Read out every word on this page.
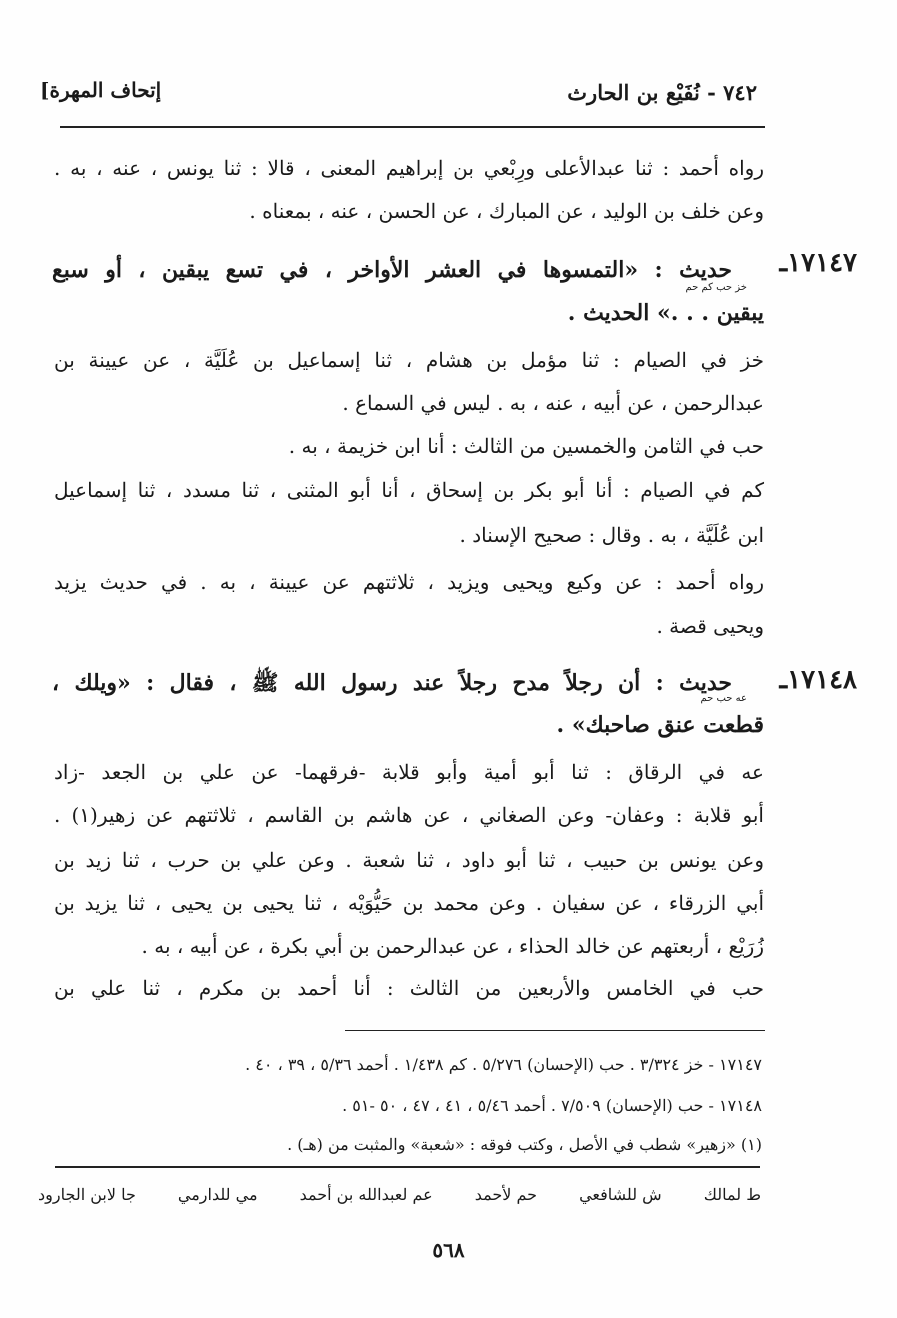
[إتحاف المهرة	٧٤٢ - نُفَيْع بن الحارث
رواه أحمد : ثنا عبدالأعلى ورِبْعي بن إبراهيم المعنى ، قالا : ثنا يونس ، عنه ، به .
وعن خلف بن الوليد ، عن المبارك ، عن الحسن ، عنه ، بمعناه .
١٧١٤٧ـ
خز حب كم حم
حديث : «التمسوها في العشر الأواخر ، في تسع يبقين ، أو سبع
يبقين . . .» الحديث .
خز في الصيام : ثنا مؤمل بن هشام ، ثنا إسماعيل بن عُلَيَّة ، عن عيينة بن
عبدالرحمن ، عن أبيه ، عنه ، به . ليس في السماع .
حب في الثامن والخمسين من الثالث : أنا ابن خزيمة ، به .
كم في الصيام : أنا أبو بكر بن إسحاق ، أنا أبو المثنى ، ثنا مسدد ، ثنا إسماعيل
ابن عُلَيَّة ، به . وقال : صحيح الإسناد .
رواه أحمد : عن وكيع ويحيى ويزيد ، ثلاثتهم عن عيينة ، به . في حديث يزيد
ويحيى قصة .
١٧١٤٨ـ
عه حب حم
حديث : أن رجلاً مدح رجلاً عند رسول الله ﷺ ، فقال : «ويلك ،
قطعت عنق صاحبك» .
عه في الرقاق : ثنا أبو أمية وأبو قلابة -فرقهما- عن علي بن الجعد -زاد
أبو قلابة : وعفان- وعن الصغاني ، عن هاشم بن القاسم ، ثلاثتهم عن زهير(١) .
وعن يونس بن حبيب ، ثنا أبو داود ، ثنا شعبة . وعن علي بن حرب ، ثنا زيد بن
أبي الزرقاء ، عن سفيان . وعن محمد بن حَيُّوَيْه ، ثنا يحيى بن يحيى ، ثنا يزيد بن
زُرَيْع ، أربعتهم عن خالد الحذاء ، عن عبدالرحمن بن أبي بكرة ، عن أبيه ، به .
حب في الخامس والأربعين من الثالث : أنا أحمد بن مكرم ، ثنا علي بن
١٧١٤٧ - خز ٣/٣٢٤ . حب (الإحسان) ٥/٢٧٦ . كم ١/٤٣٨ . أحمد ٥/٣٦ ، ٣٩ ، ٤٠ .
١٧١٤٨ - حب (الإحسان) ٧/٥٠٩ . أحمد ٥/٤٦ ، ٤١ ، ٤٧ ، ٥٠ -٥١ .
(١) «زهير» شطب في الأصل ، وكتب فوقه : «شعبة» والمثبت من (هـ) .
ط لمالك
ش للشافعي
حم لأحمد
عم لعبدالله بن أحمد
مي للدارمي
جا لابن الجارود
٥٦٨
